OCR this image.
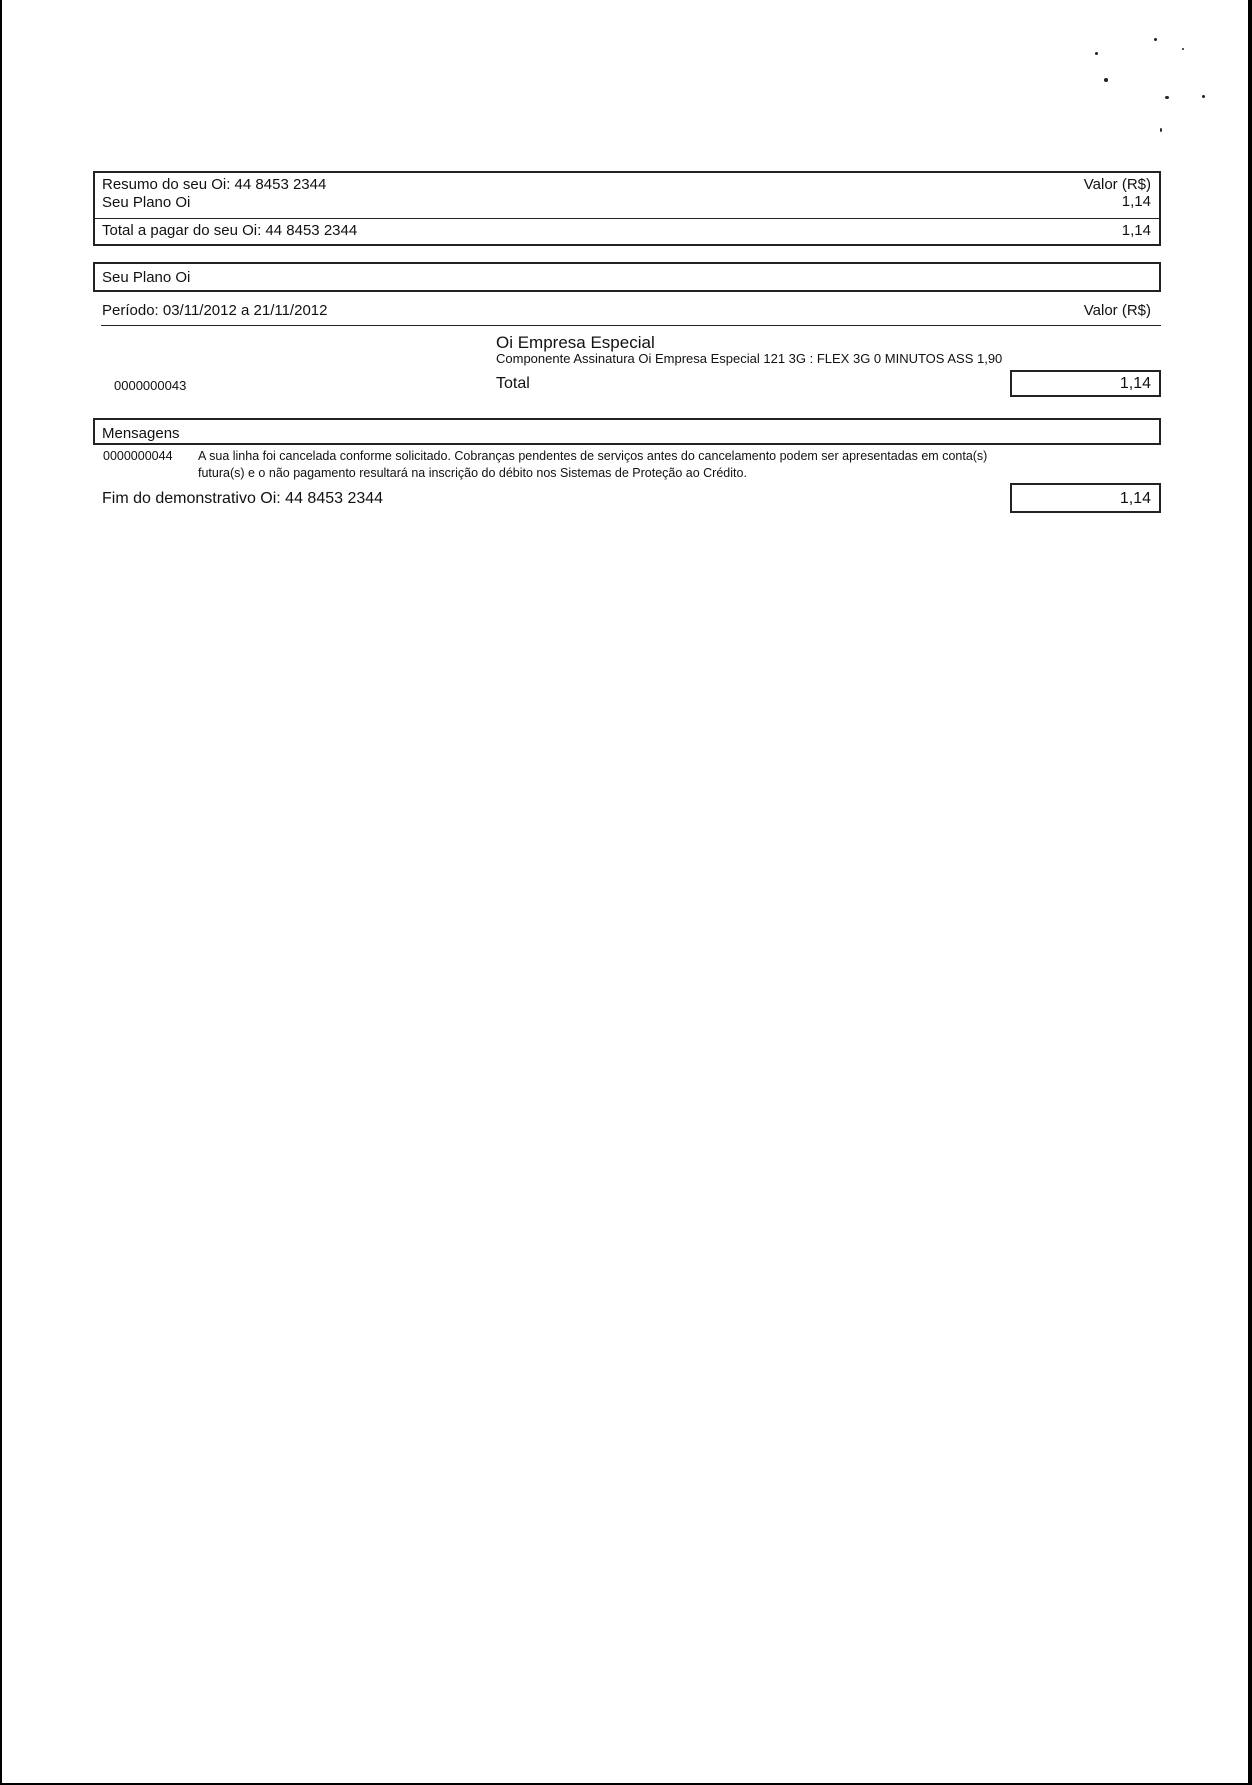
Resumo do seu Oi: 44 8453 2344	Valor (R$)
Seu Plano Oi	1,14
Total a pagar do seu Oi: 44 8453 2344	1,14
Seu Plano Oi
Período: 03/11/2012 a 21/11/2012	Valor (R$)
Oi Empresa Especial
Componente Assinatura Oi Empresa Especial 121 3G : FLEX 3G 0 MINUTOS ASS 1,90
0000000043	Total	1,14
Mensagens
0000000044 A sua linha foi cancelada conforme solicitado. Cobranças pendentes de serviços antes do cancelamento podem ser apresentadas em conta(s)
futura(s) e o não pagamento resultará na inscrição do débito nos Sistemas de Proteção ao Crédito.
Fim do demonstrativo Oi: 44 8453 2344	1,14
